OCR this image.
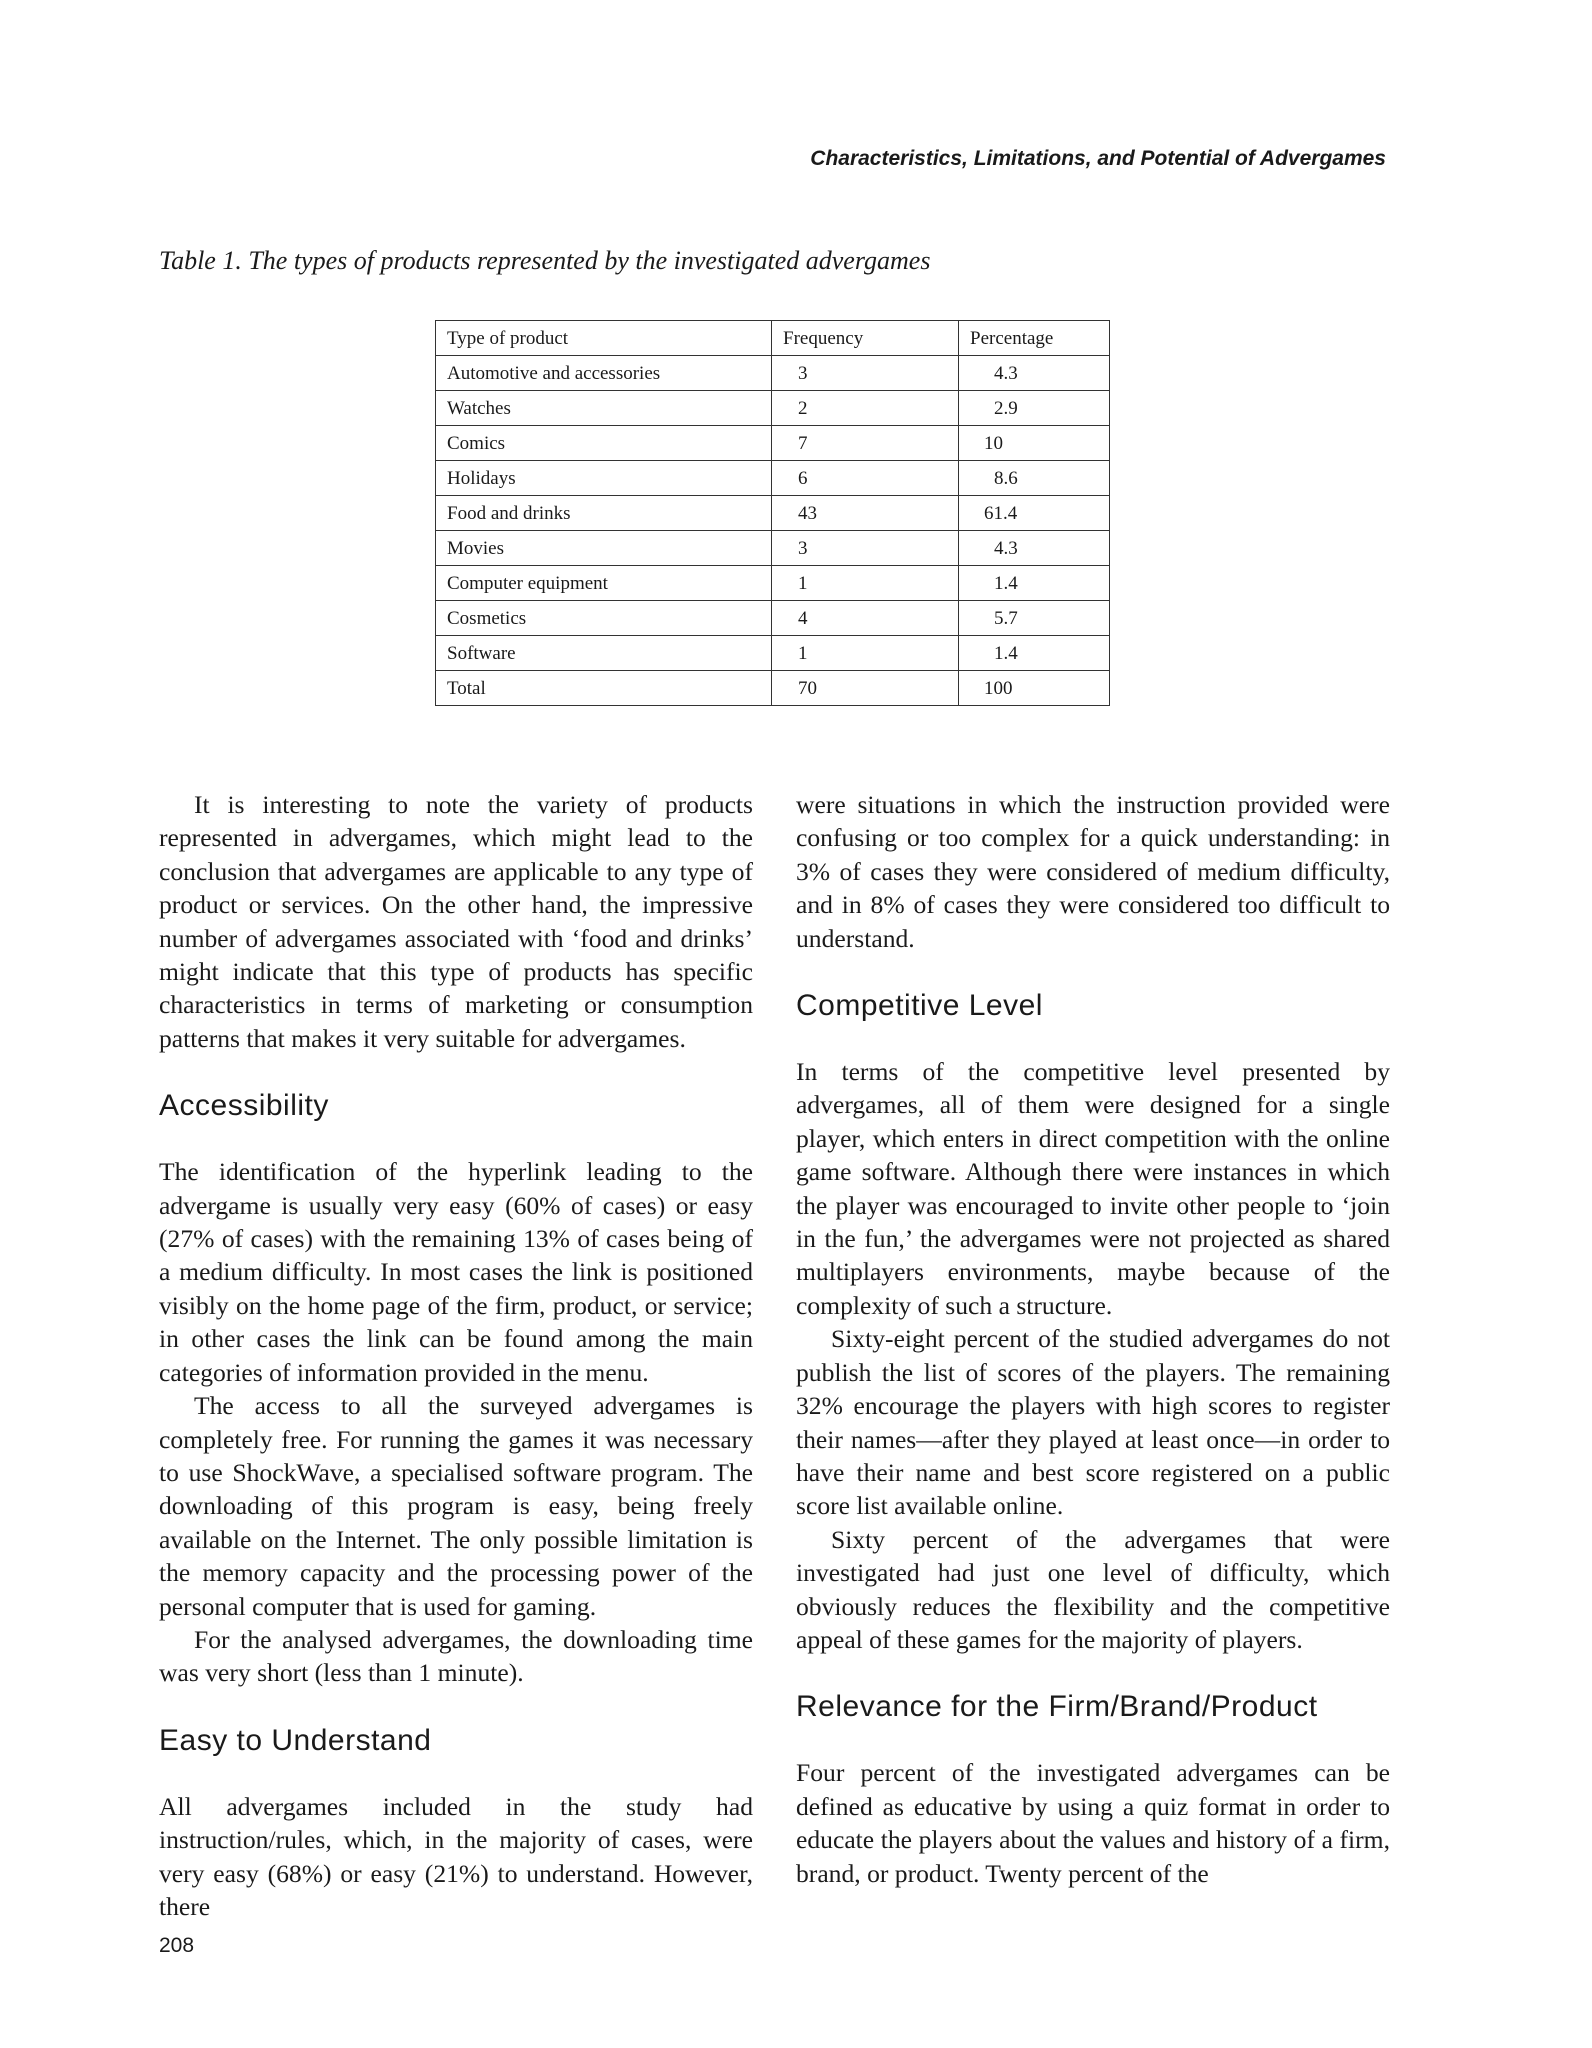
Characteristics, Limitations, and Potential of Advergames
Table 1. The types of products represented by the investigated advergames
Type of product	Frequency	Percentage
Automotive and accessories	3	4.3
Watches	2	2.9
Comics	7	10
Holidays	6	8.6
Food and drinks	43	61.4
Movies	3	4.3
Computer equipment	1	1.4
Cosmetics	4	5.7
Software	1	1.4
Total	70	100

It is interesting to note the variety of products represented in advergames, which might lead to the conclusion that advergames are applicable to any type of product or services. On the other hand, the impressive number of advergames associated with ‘food and drinks’ might indicate that this type of products has specific characteristics in terms of marketing or consumption patterns that makes it very suitable for advergames.

Accessibility

The identification of the hyperlink leading to the advergame is usually very easy (60% of cases) or easy (27% of cases) with the remaining 13% of cases being of a medium difficulty. In most cases the link is positioned visibly on the home page of the firm, product, or service; in other cases the link can be found among the main categories of information provided in the menu.

The access to all the surveyed advergames is completely free. For running the games it was necessary to use ShockWave, a specialised software program. The downloading of this program is easy, being freely available on the Internet. The only possible limitation is the memory capacity and the processing power of the personal computer that is used for gaming.

For the analysed advergames, the downloading time was very short (less than 1 minute).

Easy to Understand

All advergames included in the study had instruction/rules, which, in the majority of cases, were very easy (68%) or easy (21%) to understand. However, there

were situations in which the instruction provided were confusing or too complex for a quick understanding: in 3% of cases they were considered of medium difficulty, and in 8% of cases they were considered too difficult to understand.

Competitive Level

In terms of the competitive level presented by advergames, all of them were designed for a single player, which enters in direct competition with the online game software. Although there were instances in which the player was encouraged to invite other people to ‘join in the fun,’ the advergames were not projected as shared multiplayers environments, maybe because of the complexity of such a structure.

Sixty-eight percent of the studied advergames do not publish the list of scores of the players. The remaining 32% encourage the players with high scores to register their names—after they played at least once—in order to have their name and best score registered on a public score list available online.

Sixty percent of the advergames that were investigated had just one level of difficulty, which obviously reduces the flexibility and the competitive appeal of these games for the majority of players.

Relevance for the Firm/Brand/Product

Four percent of the investigated advergames can be defined as educative by using a quiz format in order to educate the players about the values and history of a firm, brand, or product. Twenty percent of the

208
